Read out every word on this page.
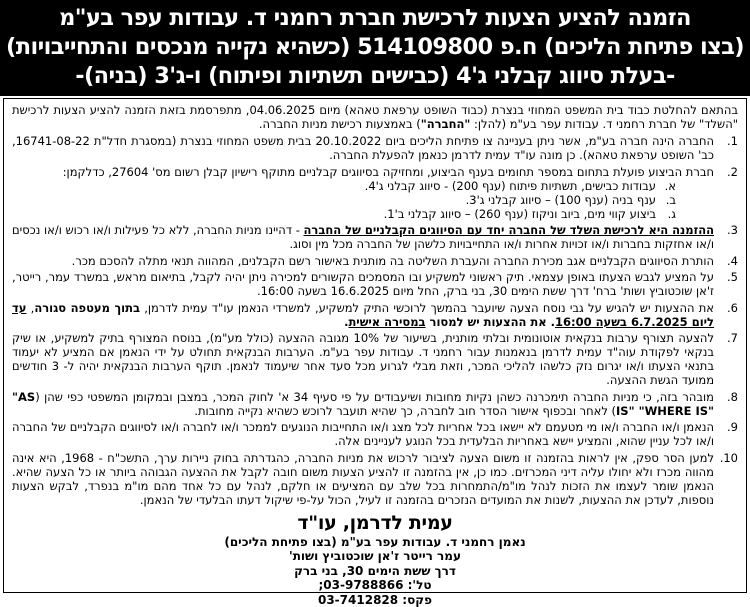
הזמנה להציע הצעות לרכישת חברת רחמני ד. עבודות עפר בע"מ
(בצו פתיחת הליכים) ח.פ 514109800 (כשהיא נקייה מנכסים והתחייבויות)
-בעלת סיווג קבלני ג'4 (כבישים תשתיות ופיתוח) ו-ג'3 (בניה)-

בהתאם להחלטת כבוד בית המשפט המחוזי בנצרת (כבוד השופט ערפאת טאהא) מיום 04.06.2025, מתפרסמת בזאת הזמנה להציע הצעות לרכישת "השלד" של חברת רחמני ד. עבודות עפר בע"מ (להלן: "החברה") באמצעות רכישת מניות החברה.

1.
החברה הינה חברה בע"מ, אשר ניתן בעניינה צו פתיחת הליכים ביום 20.10.2022 בבית משפט המחוזי בנצרת (במסגרת חדל"ת 16741-08-22, כב' השופט ערפאת טאהא). כן מונה עו"ד עמית לדרמן כנאמן להפעלת החברה.
2.
חברת הביצוע פועלת בתחום במספר תחומים בענף הביצוע, ומחזיקה בסיווגים קבלניים מתוקף רישיון קבלן רשום מס' 27604, כדלקמן:
א.
עבודות כבישים, תשתיות פיתוח (ענף 200) - סיווג קבלני ג'4.
ב.
ענף בניה (ענף 100) – סיווג קבלני ג'3.
ג.
ביצוע קווי מים, ביוב וניקוז (ענף 260) – סיווג קבלני ב'1.
3.
ההזמנה היא לרכישת השלד של החברה יחד עם הסיווגים הקבלניים של החברה - דהיינו מניות החברה, ללא כל פעילות ו/או רכוש ו/או נכסים ו/או אחזקות בחברות ו/או זכויות אחרות ו/או התחייבויות כלשהן של החברה מכל מין וסוג.
4.
הותרת הסיווגים הקבלניים אגב מכירת החברה והעברת השליטה בה מותנית באישור רשם הקבלנים, המהווה תנאי מתלה להסכם מכר.
5.
על המציע לגבש הצעתו באופן עצמאי. תיק ראשוני למשקיע ובו המסמכים הקשורים למכירה ניתן יהיה לקבל, בתיאום מראש, במשרד עמר, רייטר, ז'אן שוכטוביץ ושות' ברח' דרך ששת הימים 30, בני ברק, החל מיום 16.6.2025 בשעה 16:00.
6.
את ההצעות יש להגיש על גבי נוסח הצעה שיועבר בהמשך לרוכשי התיק למשקיע, למשרדי הנאמן עו"ד עמית לדרמן, בתוך מעטפה סגורה, עד ליום 6.7.2025 בשעה 16:00. את ההצעות יש למסור במסירה אישית.
7.
להצעה תצורף ערבות בנקאית אוטונומית ובלתי מותנית, בשיעור של 10% מגובה ההצעה (כולל מע"מ), בנוסח המצורף בתיק למשקיע, או שיק בנקאי לפקודת עוה"ד עמית לדרמן בנאמנות עבור רחמני ד. עבודות עפר בע"מ. הערבות הבנקאית תחולט על ידי הנאמן אם המציע לא יעמוד בתנאי הצעתו ו/או יגרום נזק כלשהו להליכי המכר, וזאת מבלי לגרוע מכל סעד אחר שיעמוד לנאמן. תוקף הערבות הבנקאית יהיה ל- 3 חודשים ממועד הגשת ההצעה.
8.
מובהר בזה, כי מניות החברה תימכרנה כשהן נקיות מחובות ושיעבודים על פי סעיף 34 א' לחוק המכר, במצבן ובמקומן המשפטי כפי שהן ("AS IS" "WHERE IS") לאחר ובכפוף אישור הסדר חוב לחברה, כך שהיא תועבר לרוכש כשהיא נקייה מחובות.
9.
הנאמן ו/או החברה ו/או מי מטעמם לא יישאו בכל אחריות לכל מצג ו/או התחייבות הנוגעים לממכר ו/או לחברה ו/או לסיווגים הקבלניים של החברה ו/או לכל עניין שהוא, והמציע יישא באחריות הבלעדית בכל הנוגע לעניינים אלה.
10.
למען הסר ספק, אין לראות בהזמנה זו משום הצעה לציבור לרכוש את מניות החברה, כהגדרתה בחוק ניירות ערך, התשכ"ח - 1968, היא אינה מהווה מכרז ולא יחולו עליה דיני המכרזים. כמו כן, אין בהזמנה זו להציע הצעות משום חובה לקבל את ההצעה הגבוהה ביותר או כל הצעה שהיא. הנאמן שומר לעצמו את הזכות לנהל מו"מ/התמחרות בכל שלב עם המציעים או חלקם, לנהל עם כל אחד מהם מו"מ בנפרד, לבקש הצעות נוספות, לעדכן את ההצעות, לשנות את המועדים הנזכרים בהזמנה זו לעיל, הכול על-פי שיקול דעתו הבלעדי של הנאמן.
עמית לדרמן, עו"ד
נאמן רחמני ד. עבודות עפר בע"מ (בצו פתיחת הליכים)
עמר רייטר ז'אן שוכטוביץ ושות'
דרך ששת הימים 30, בני ברק
טל': 03-9788866;
פקס: 03-7412828
